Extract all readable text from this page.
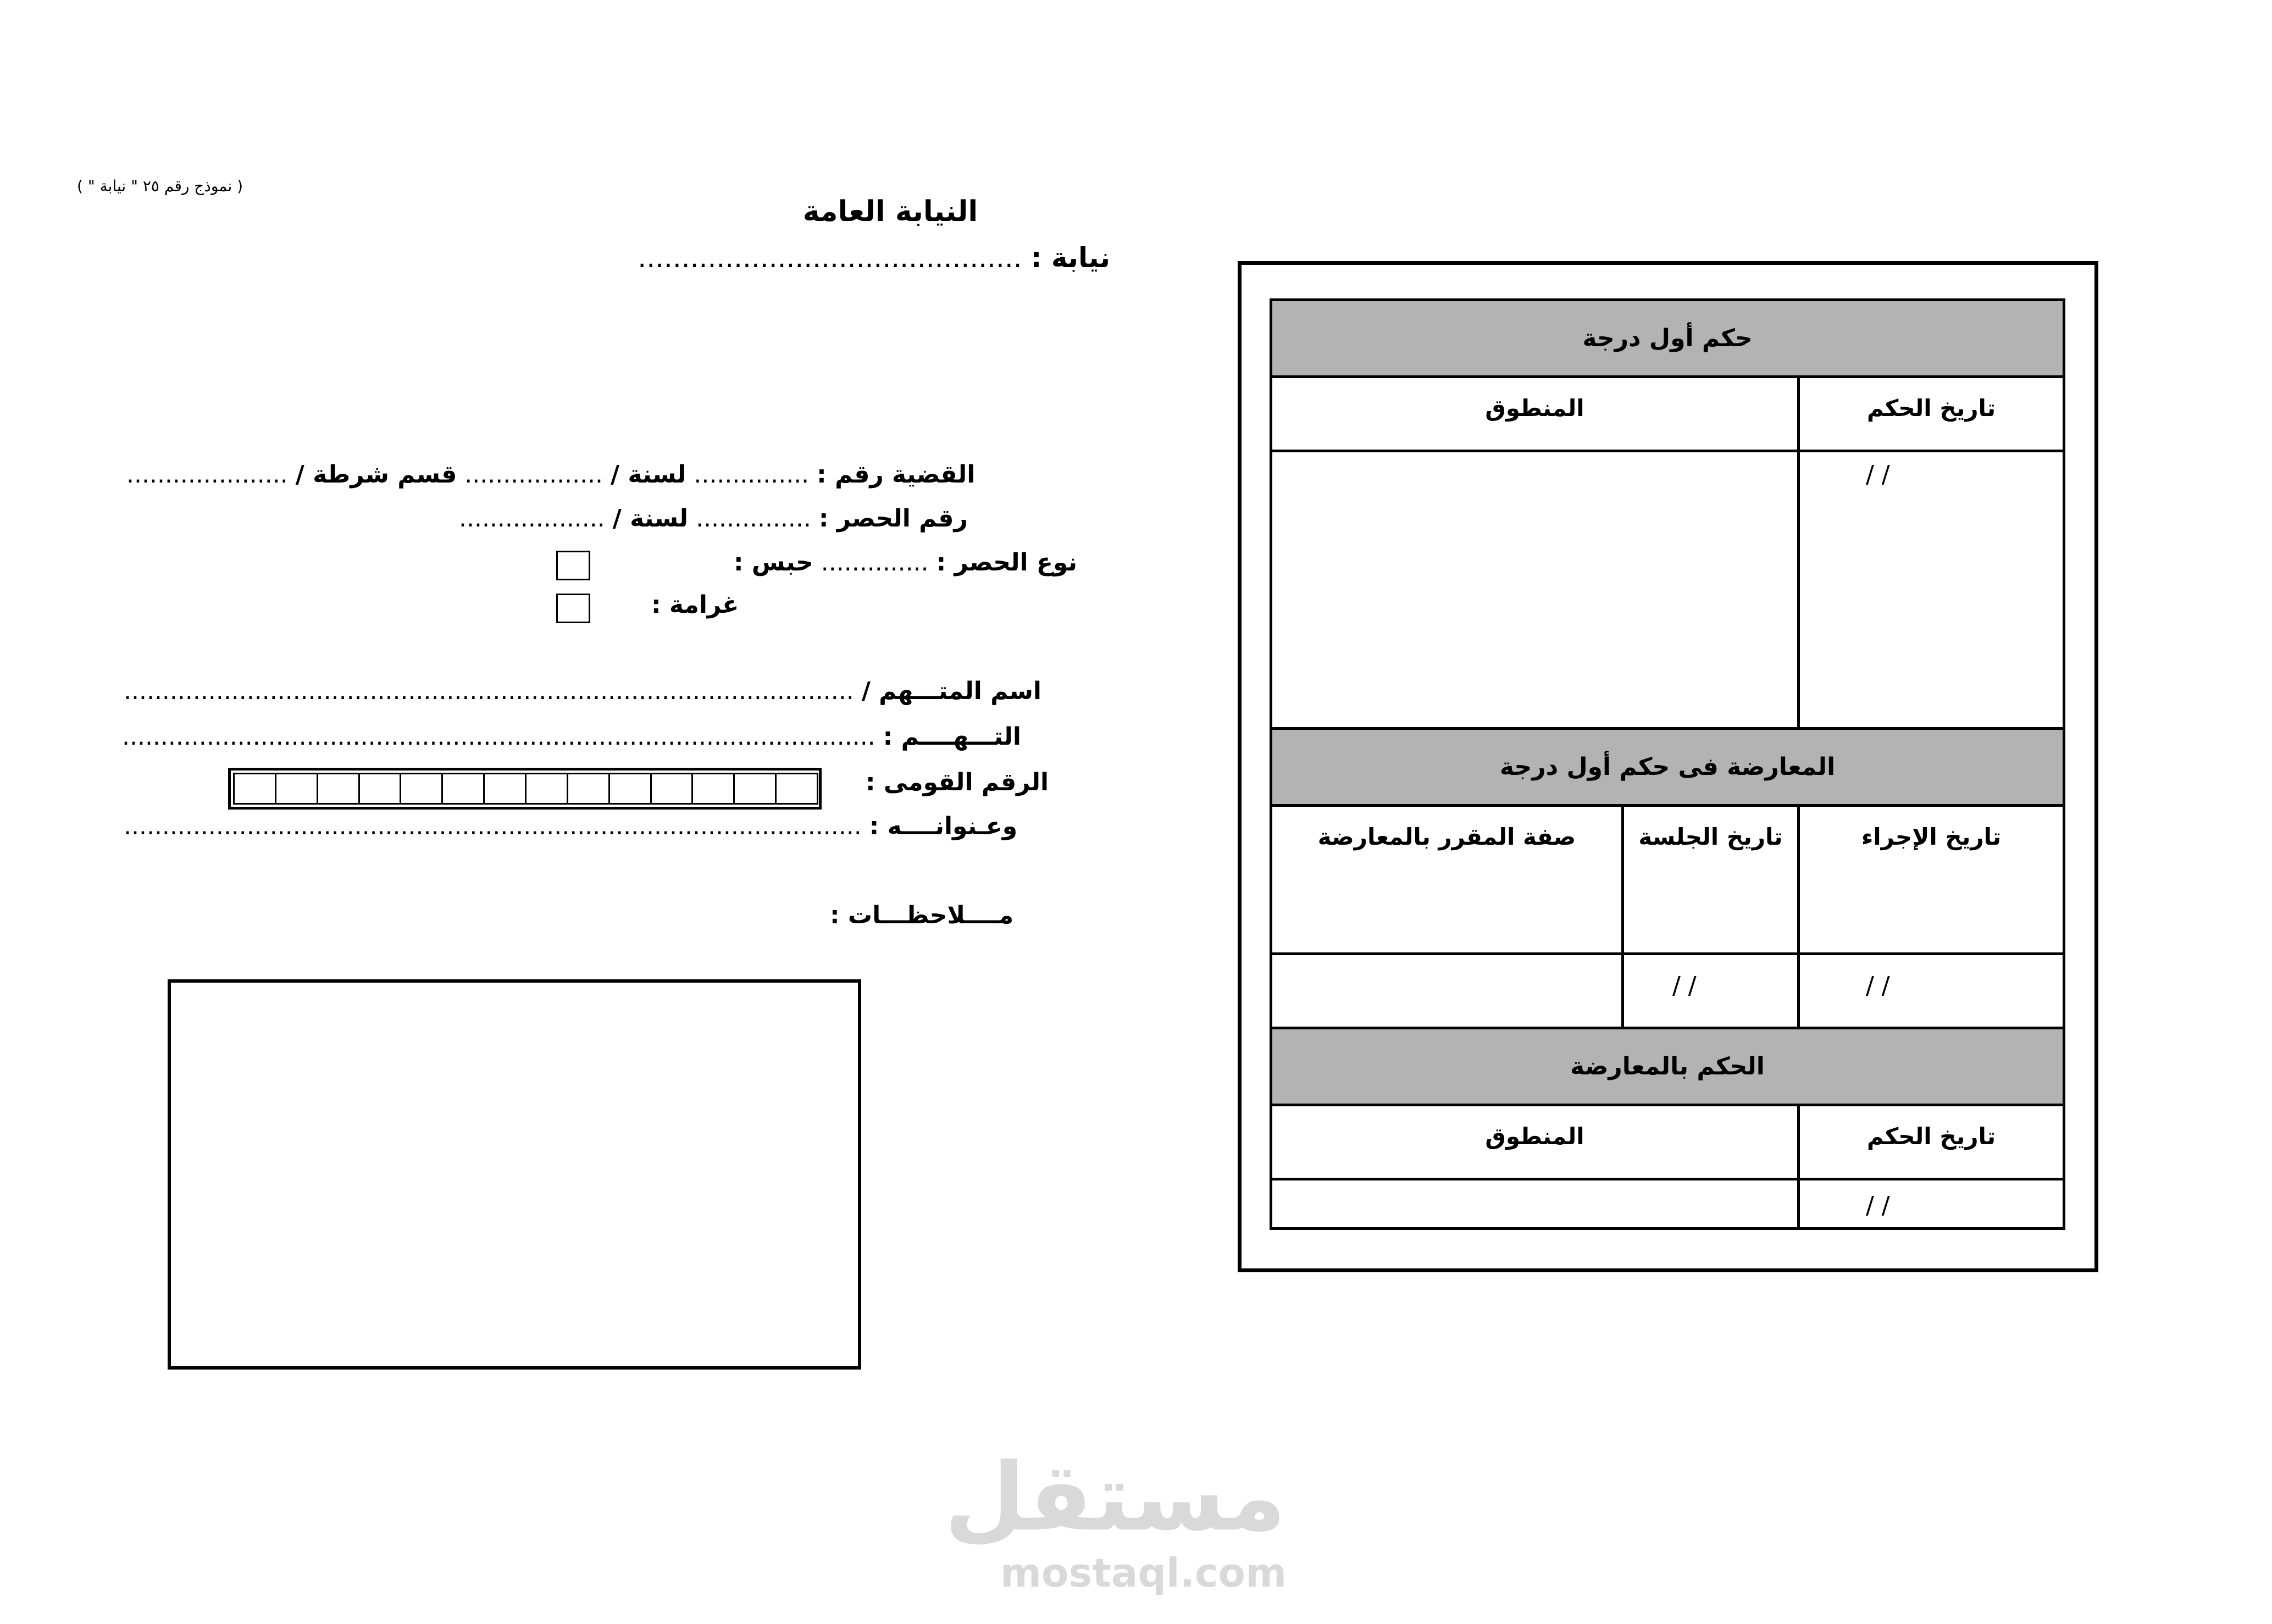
( نموذج رقم ٢٥ " نيابة " )
النيابة العامة
نيابة : ............................................
القضية رقم : ............... لسنة / .................. قسم شرطة / .....................
رقم الحصر : ............... لسنة / ...................
نوع الحصر : .............. حبس :
غرامة :
اسم المتـــهم / ...............................................................................................
التـــهــــم : ..................................................................................................
الرقم القومى :
وعـنوانــــه : ................................................................................................
مــــلاحظـــات :
حكم أول درجة
تاريخ الحكم
المنطوق
/ /
المعارضة فى حكم أول درجة
تاريخ الإجراء
تاريخ الجلسة
صفة المقرر بالمعارضة
/ /
/ /
الحكم بالمعارضة
تاريخ الحكم
المنطوق
/ /
مستقل
mostaql.com
